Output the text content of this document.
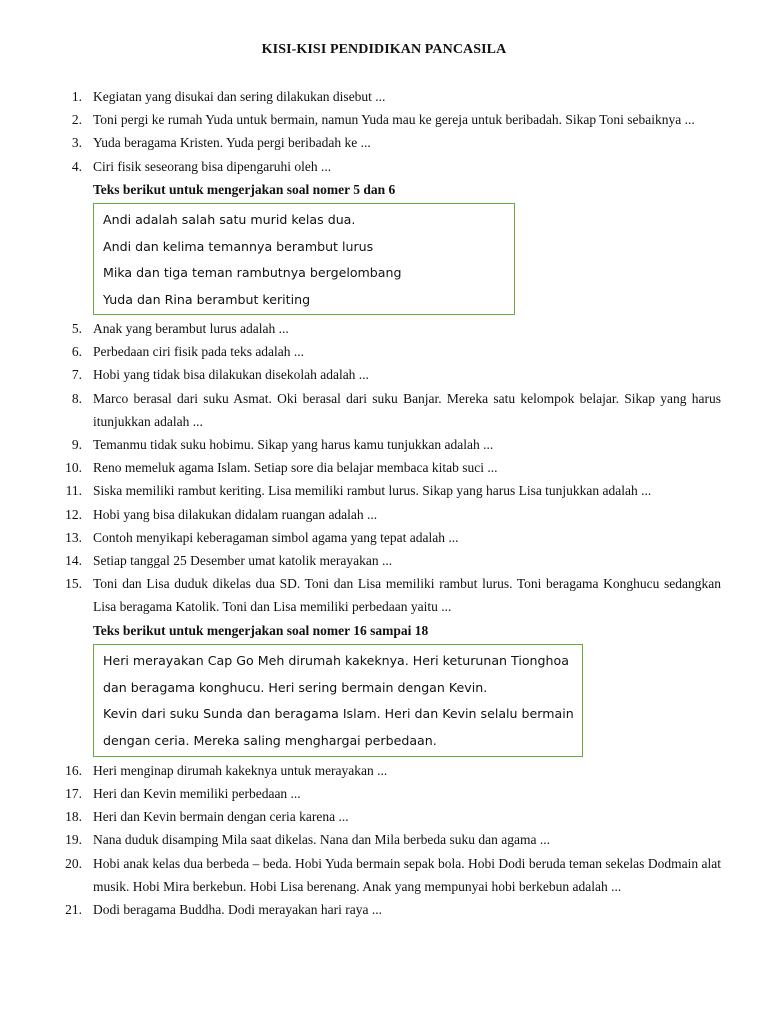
KISI-KISI PENDIDIKAN PANCASILA
1. Kegiatan yang disukai dan sering dilakukan disebut ...
2. Toni pergi ke rumah Yuda untuk bermain, namun Yuda mau ke gereja untuk beribadah. Sikap Toni sebaiknya ...
3. Yuda beragama Kristen. Yuda pergi beribadah ke ...
4. Ciri fisik seseorang bisa dipengaruhi oleh ...
Teks berikut untuk mengerjakan soal nomer 5 dan 6
Andi adalah salah satu murid kelas dua.
Andi dan kelima temannya berambut lurus
Mika dan tiga teman rambutnya bergelombang
Yuda dan Rina berambut keriting
5. Anak yang berambut lurus adalah ...
6. Perbedaan ciri fisik pada teks adalah ...
7. Hobi yang tidak bisa dilakukan disekolah adalah ...
8. Marco berasal dari suku Asmat. Oki berasal dari suku Banjar. Mereka satu kelompok belajar. Sikap yang harus itunjukkan adalah ...
9. Temanmu tidak suku hobimu. Sikap yang harus kamu tunjukkan adalah ...
10. Reno memeluk agama Islam. Setiap sore dia belajar membaca kitab suci ...
11. Siska memiliki rambut keriting. Lisa memiliki rambut lurus. Sikap yang harus Lisa tunjukkan adalah ...
12. Hobi yang bisa dilakukan didalam ruangan adalah ...
13. Contoh menyikapi keberagaman simbol agama yang tepat adalah ...
14. Setiap tanggal 25 Desember umat katolik merayakan ...
15. Toni dan Lisa duduk dikelas dua SD. Toni dan Lisa memiliki rambut lurus. Toni beragama Konghucu sedangkan Lisa beragama Katolik. Toni dan Lisa memiliki perbedaan yaitu ...
Teks berikut untuk mengerjakan soal nomer 16 sampai 18
Heri merayakan Cap Go Meh dirumah kakeknya. Heri keturunan Tionghoa
dan beragama konghucu. Heri sering bermain dengan Kevin.
Kevin dari suku Sunda dan beragama Islam. Heri dan Kevin selalu bermain
dengan ceria. Mereka saling menghargai perbedaan.
16. Heri menginap dirumah kakeknya untuk merayakan ...
17. Heri dan Kevin memiliki perbedaan ...
18. Heri dan Kevin bermain dengan ceria karena ...
19. Nana duduk disamping Mila saat dikelas. Nana dan Mila berbeda suku dan agama ...
20. Hobi anak kelas dua berbeda – beda. Hobi Yuda bermain sepak bola. Hobi Dodi beruda teman sekelas Dodmain alat musik. Hobi Mira berkebun. Hobi Lisa berenang. Anak yang mempunyai hobi berkebun adalah ...
21. Dodi beragama Buddha. Dodi merayakan hari raya ...
